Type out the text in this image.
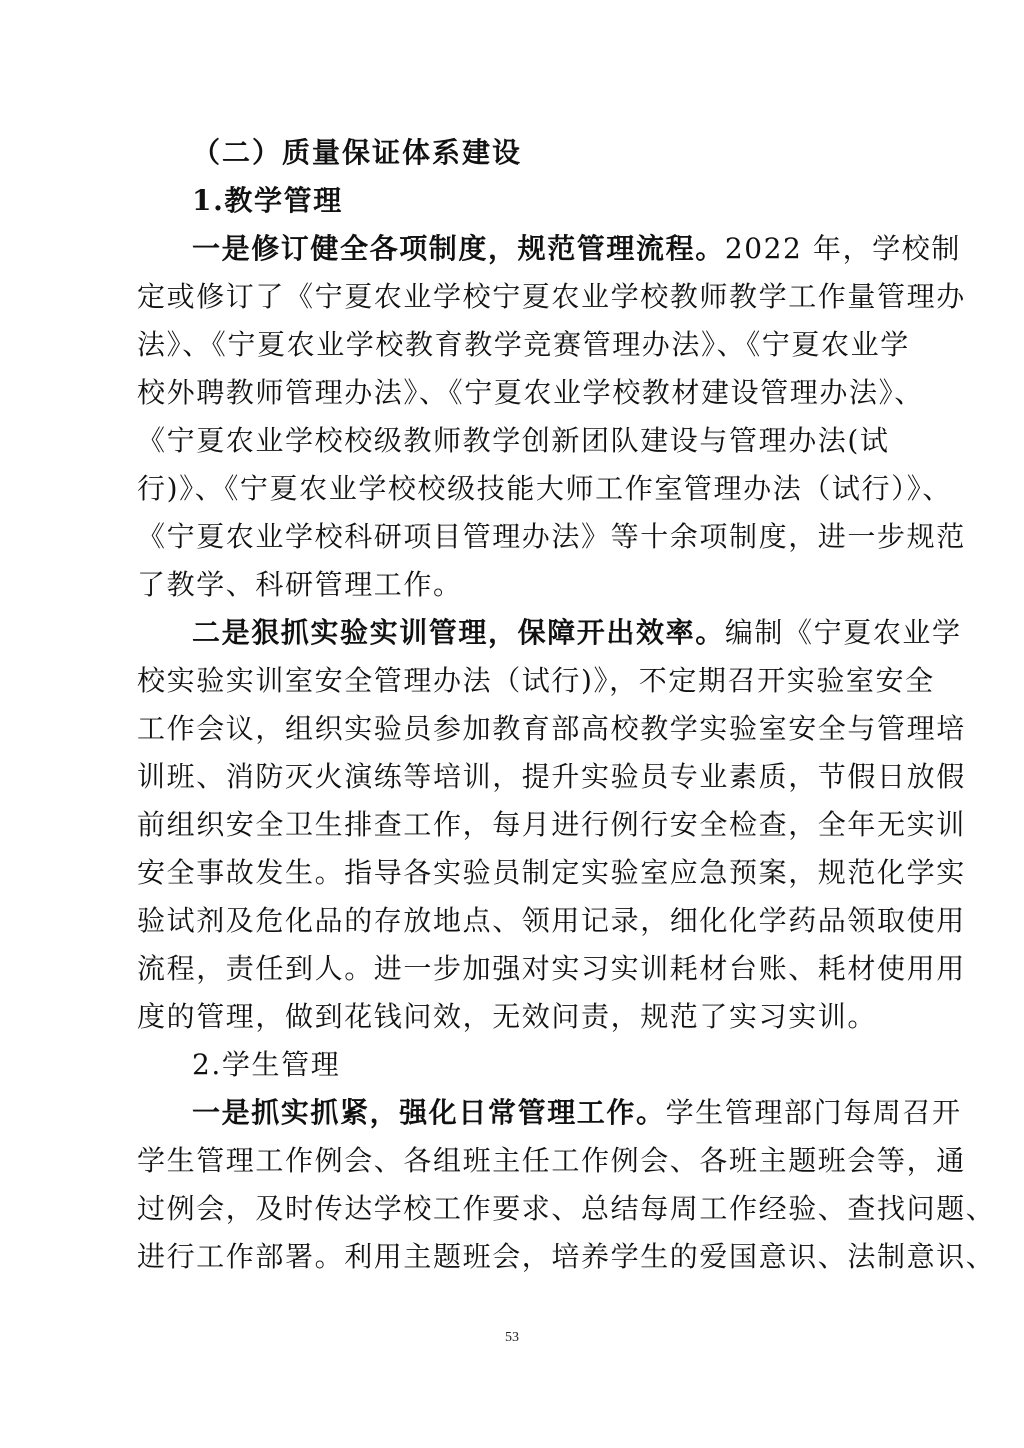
（二）质量保证体系建设
1.教学管理
一是修订健全各项制度，规范管理流程。2022 年，学校制
定或修订了《宁夏农业学校宁夏农业学校教师教学工作量管理办
法》、《宁夏农业学校教育教学竞赛管理办法》、《宁夏农业学
校外聘教师管理办法》、《宁夏农业学校教材建设管理办法》、
《宁夏农业学校校级教师教学创新团队建设与管理办法(试
行)》、《宁夏农业学校校级技能大师工作室管理办法（试行）》、
《宁夏农业学校科研项目管理办法》等十余项制度，进一步规范
了教学、科研管理工作。
二是狠抓实验实训管理，保障开出效率。编制《宁夏农业学
校实验实训室安全管理办法（试行)》，不定期召开实验室安全
工作会议，组织实验员参加教育部高校教学实验室安全与管理培
训班、消防灭火演练等培训，提升实验员专业素质，节假日放假
前组织安全卫生排查工作，每月进行例行安全检查，全年无实训
安全事故发生。指导各实验员制定实验室应急预案，规范化学实
验试剂及危化品的存放地点、领用记录，细化化学药品领取使用
流程，责任到人。进一步加强对实习实训耗材台账、耗材使用用
度的管理，做到花钱问效，无效问责，规范了实习实训。
2.学生管理
一是抓实抓紧，强化日常管理工作。学生管理部门每周召开
学生管理工作例会、各组班主任工作例会、各班主题班会等，通
过例会，及时传达学校工作要求、总结每周工作经验、查找问题、
进行工作部署。利用主题班会，培养学生的爱国意识、法制意识、
53
